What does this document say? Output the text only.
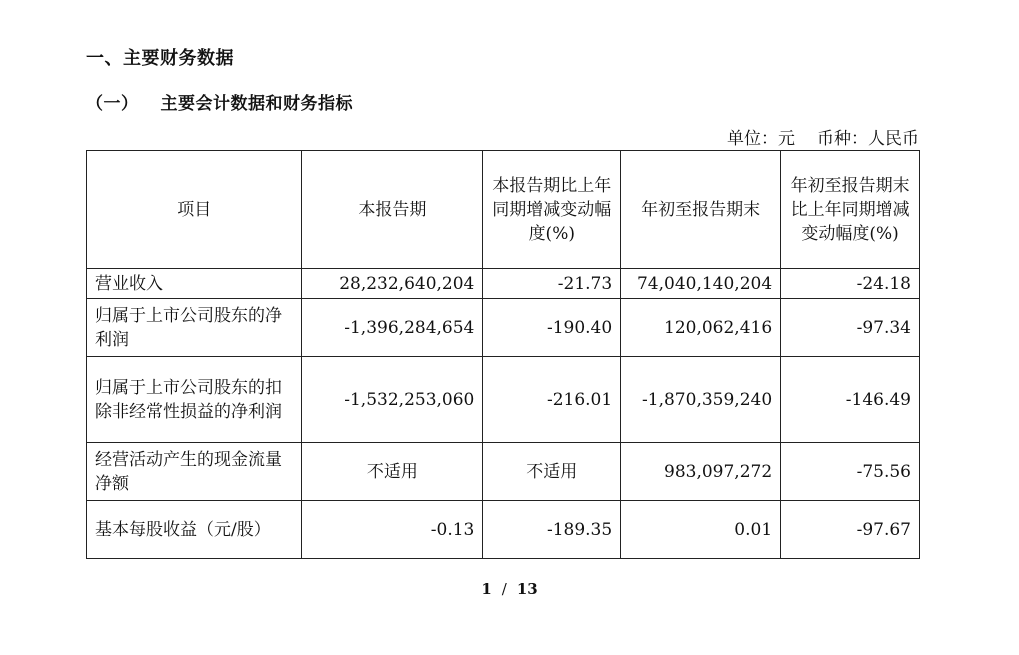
一、主要财务数据
（一） 主要会计数据和财务指标
单位：元 币种：人民币
项目	本报告期	本报告期比上年同期增减变动幅度(%)	年初至报告期末	年初至报告期末比上年同期增减变动幅度(%)
营业收入	28,232,640,204	-21.73	74,040,140,204	-24.18
归属于上市公司股东的净利润	-1,396,284,654	-190.40	120,062,416	-97.34
归属于上市公司股东的扣除非经常性损益的净利润	-1,532,253,060	-216.01	-1,870,359,240	-146.49
经营活动产生的现金流量净额	不适用	不适用	983,097,272	-75.56
基本每股收益（元/股）	-0.13	-189.35	0.01	-97.67
1 / 13
